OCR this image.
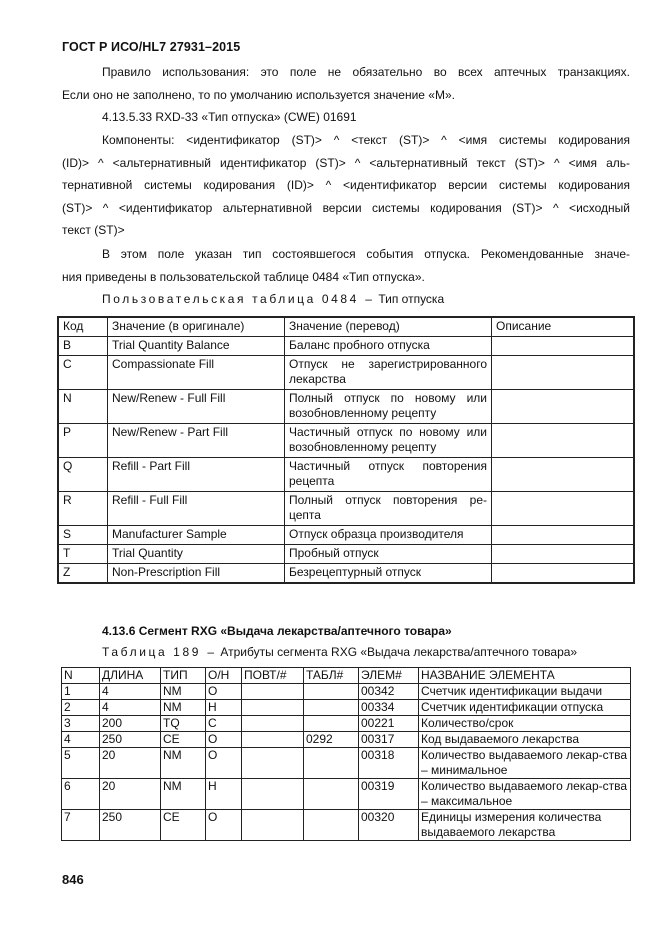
ГОСТ Р ИСО/HL7 27931–2015
Правило использования: это поле не обязательно во всех аптечных транзакциях.
Если оно не заполнено, то по умолчанию используется значение «M».
4.13.5.33 RXD-33 «Тип отпуска» (CWE) 01691
Компоненты: <идентификатор (ST)> ^ <текст (ST)> ^ <имя системы кодирования
(ID)> ^ <альтернативный идентификатор (ST)> ^ <альтернативный текст (ST)> ^ <имя аль-
тернативной системы кодирования (ID)> ^ <идентификатор версии системы кодирования
(ST)> ^ <идентификатор альтернативной версии системы кодирования (ST)> ^ <исходный
текст (ST)>
В этом поле указан тип состоявшегося события отпуска. Рекомендованные значе-
ния приведены в пользовательской таблице 0484 «Тип отпуска».
Пользовательская таблица 0484 – Тип отпуска
Код	Значение (в оригинале)	Значение (перевод)	Описание
B	Trial Quantity Balance	Баланс пробного отпуска	
C	Compassionate Fill	Отпуск не зарегистрированного лекарства	
N	New/Renew - Full Fill	Полный отпуск по новому или возобновленному рецепту	
P	New/Renew - Part Fill	Частичный отпуск по новому или возобновленному рецепту	
Q	Refill - Part Fill	Частичный отпуск повторения рецепта	
R	Refill - Full Fill	Полный отпуск повторения ре-цепта	
S	Manufacturer Sample	Отпуск образца производителя	
T	Trial Quantity	Пробный отпуск	
Z	Non-Prescription Fill	Безрецептурный отпуск	
4.13.6 Сегмент RXG «Выдача лекарства/аптечного товара»
Таблица 189 – Атрибуты сегмента RXG «Выдача лекарства/аптечного товара»
N	ДЛИНА	ТИП	О/Н	ПОВТ/#	ТАБЛ#	ЭЛЕМ#	НАЗВАНИЕ ЭЛЕМЕНТА
1	4	NM	О			00342	Счетчик идентификации выдачи
2	4	NM	Н			00334	Счетчик идентификации отпуска
3	200	TQ	С			00221	Количество/срок
4	250	CE	О		0292	00317	Код выдаваемого лекарства
5	20	NM	О			00318	Количество выдаваемого лекар-ства – минимальное
6	20	NM	Н			00319	Количество выдаваемого лекар-ства – максимальное
7	250	CE	О			00320	Единицы измерения количества выдаваемого лекарства
846
